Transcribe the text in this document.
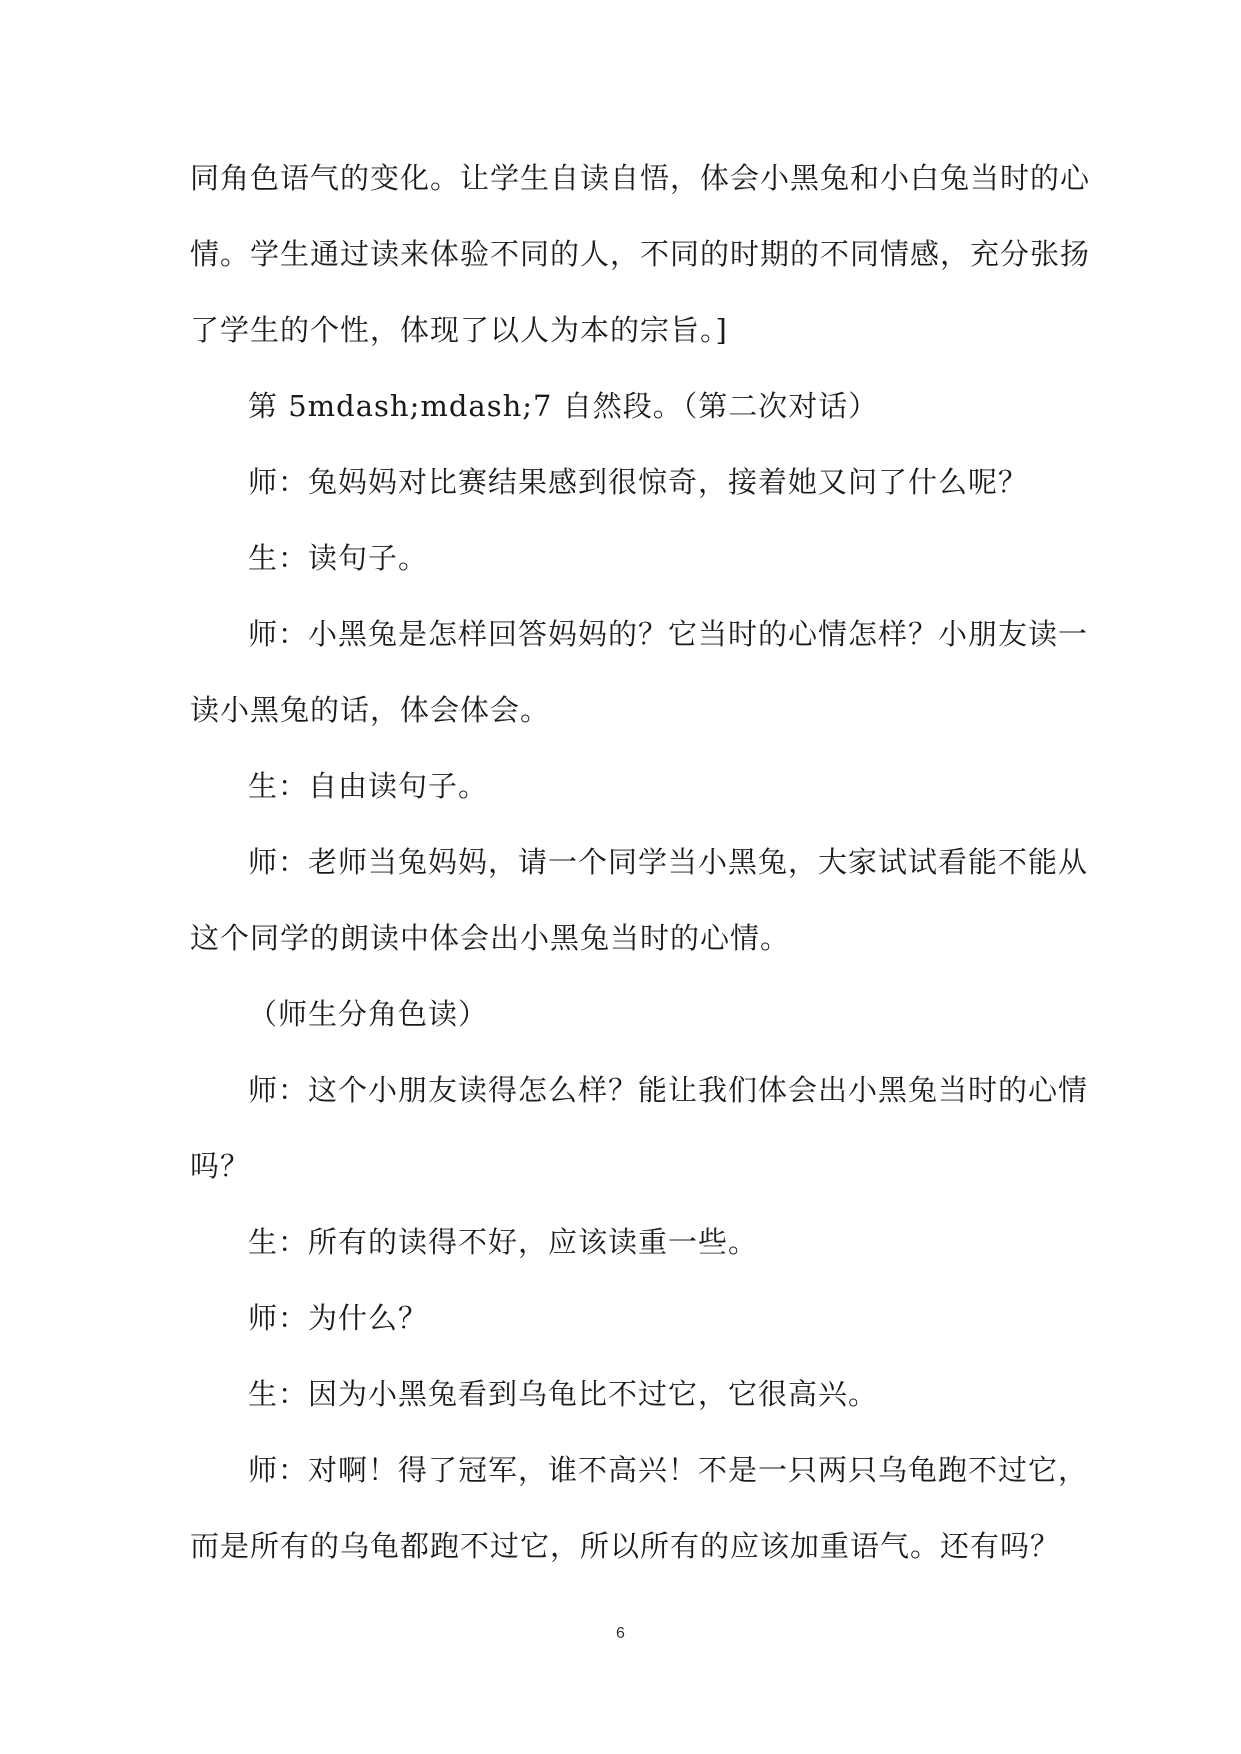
同角色语气的变化。让学生自读自悟，体会小黑兔和小白兔当时的心
情。学生通过读来体验不同的人，不同的时期的不同情感，充分张扬
了学生的个性，体现了以人为本的宗旨。]
第 5mdash;mdash;7 自然段。（第二次对话）
师：兔妈妈对比赛结果感到很惊奇，接着她又问了什么呢？
生：读句子。
师：小黑兔是怎样回答妈妈的？它当时的心情怎样？小朋友读一
读小黑兔的话，体会体会。
生：自由读句子。
师：老师当兔妈妈，请一个同学当小黑兔，大家试试看能不能从
这个同学的朗读中体会出小黑兔当时的心情。
（师生分角色读）
师：这个小朋友读得怎么样？能让我们体会出小黑兔当时的心情
吗？
生：所有的读得不好，应该读重一些。
师：为什么？
生：因为小黑兔看到乌龟比不过它，它很高兴。
师：对啊！得了冠军，谁不高兴！不是一只两只乌龟跑不过它，
而是所有的乌龟都跑不过它，所以所有的应该加重语气。还有吗？
6
